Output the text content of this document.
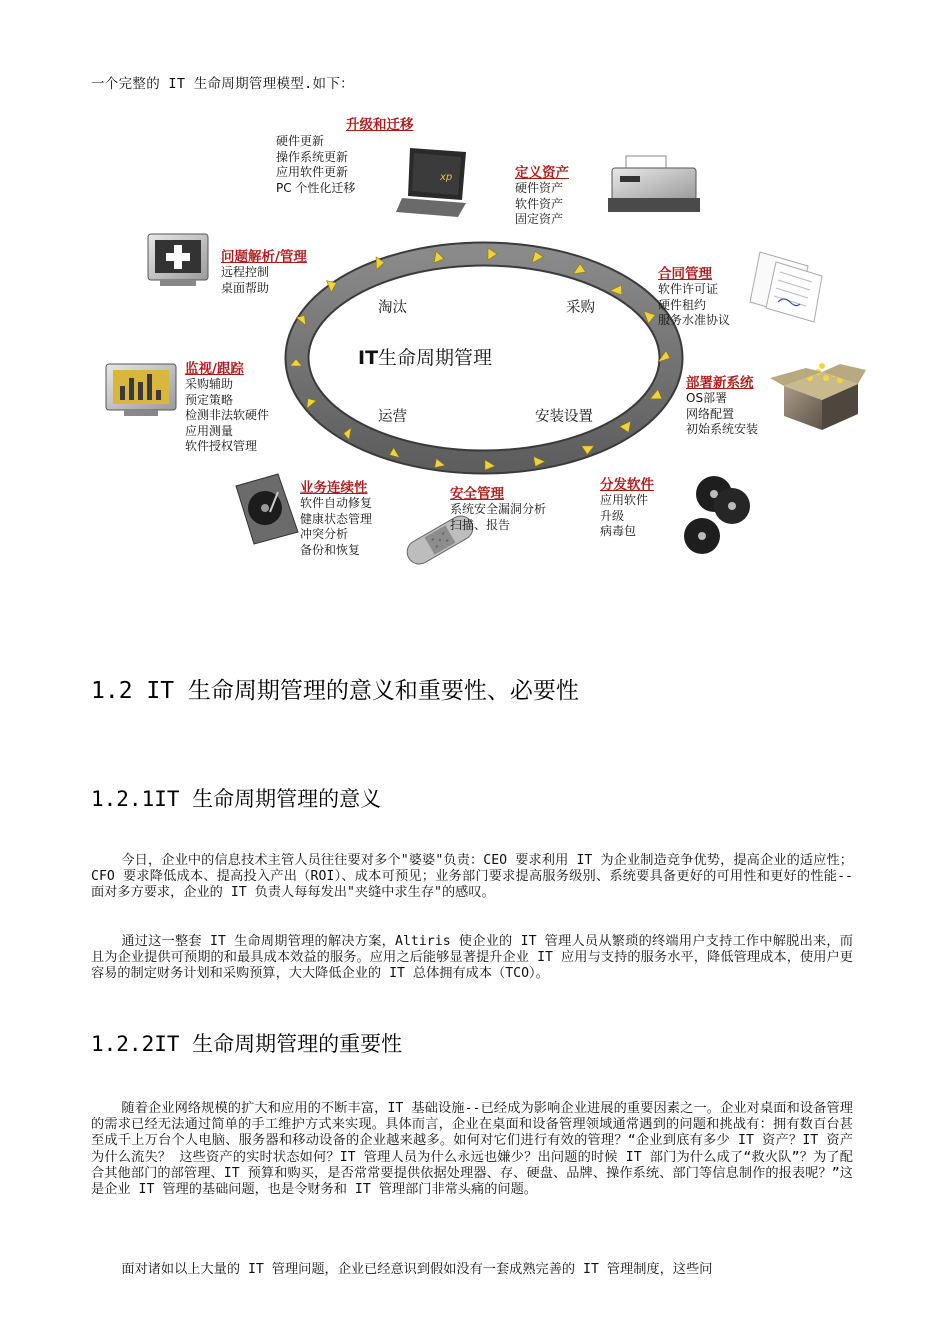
一个完整的 IT 生命周期管理模型.如下：
xp
IT生命周期管理
淘汰	采购
运营	安装设置
升级和迁移
硬件更新
操作系统更新
应用软件更新
PC 个性化迁移
定义资产
硬件资产
软件资产
固定资产
问题解析/管理
远程控制
桌面帮助
合同管理
软件许可证
硬件租约
服务水准协议
监视/跟踪
采购辅助
预定策略
检测非法软硬件
应用测量
软件授权管理
部署新系统
OS部署
网络配置
初始系统安装
业务连续性
软件自动修复
健康状态管理
冲突分析
备份和恢复
安全管理
系统安全漏洞分析
扫描、报告
分发软件
应用软件
升级
病毒包
1.2 IT 生命周期管理的意义和重要性、必要性
1.2.1IT 生命周期管理的意义

今日，企业中的信息技术主管人员往往要对多个"婆婆"负责：CEO 要求利用 IT 为企业制造竞争优势，提高企业的适应性；CFO 要求降低成本、提高投入产出（ROI）、成本可预见；业务部门要求提高服务级别、系统要具备更好的可用性和更好的性能--面对多方要求，企业的 IT 负责人每每发出"夹缝中求生存"的感叹。

通过这一整套 IT 生命周期管理的解决方案，Altiris 使企业的 IT 管理人员从繁琐的终端用户支持工作中解脱出来，而且为企业提供可预期的和最具成本效益的服务。应用之后能够显著提升企业 IT 应用与支持的服务水平，降低管理成本，使用户更容易的制定财务计划和采购预算，大大降低企业的 IT 总体拥有成本（TCO）。

1.2.2IT 生命周期管理的重要性

随着企业网络规模的扩大和应用的不断丰富，IT 基础设施--已经成为影响企业进展的重要因素之一。企业对桌面和设备管理的需求已经无法通过简单的手工维护方式来实现。具体而言，企业在桌面和设备管理领域通常遇到的问题和挑战有：拥有数百台甚至成千上万台个人电脑、服务器和移动设备的企业越来越多。如何对它们进行有效的管理？“企业到底有多少 IT 资产？IT 资产为什么流失？ 这些资产的实时状态如何？IT 管理人员为什么永远也嫌少？出问题的时候 IT 部门为什么成了“救火队”？为了配合其他部门的部管理、IT 预算和购买，是否常常要提供依据处理器、存、硬盘、品牌、操作系统、部门等信息制作的报表呢？”这是企业 IT 管理的基础问题，也是令财务和 IT 管理部门非常头痛的问题。

面对诸如以上大量的 IT 管理问题，企业已经意识到假如没有一套成熟完善的 IT 管理制度，这些问
